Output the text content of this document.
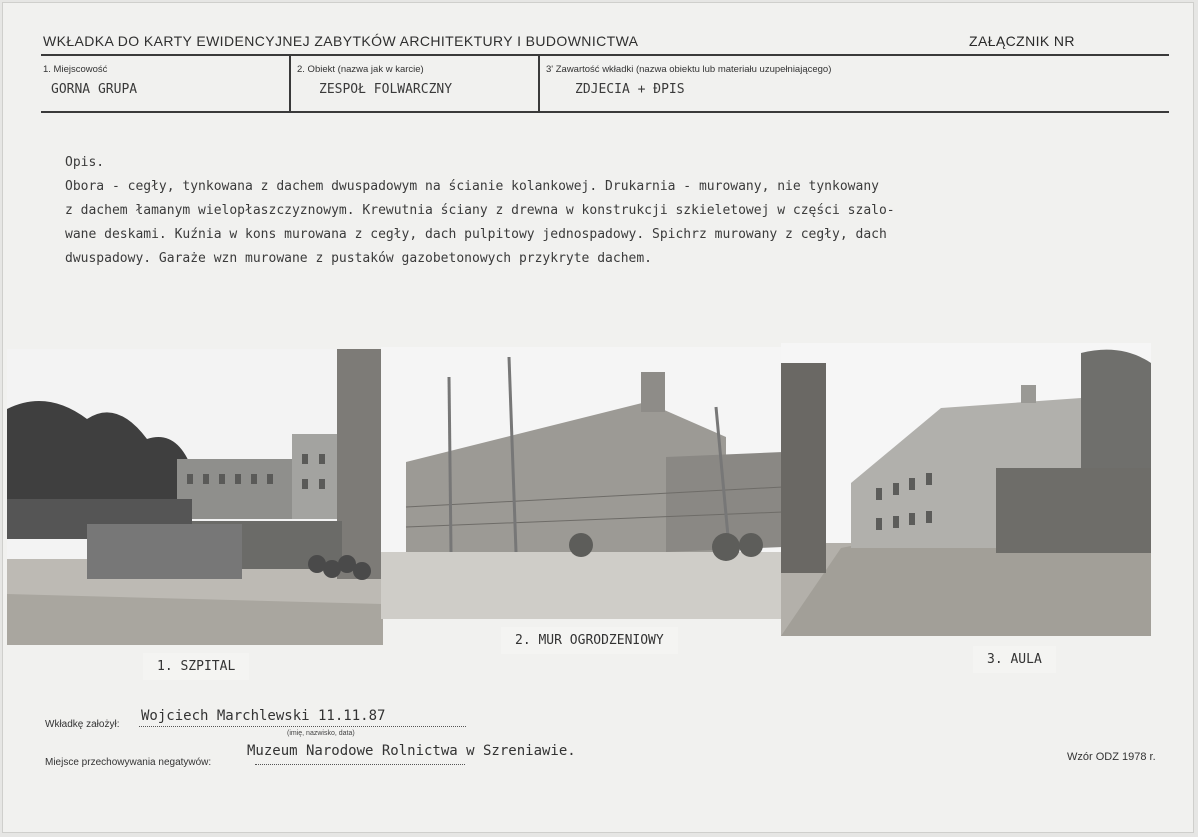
WKŁADKA DO KARTY EWIDENCYJNEJ ZABYTKÓW ARCHITEKTURY I BUDOWNICTWA	ZAŁĄCZNIK NR
1. Miejscowość
GORNA GRUPA
2. Obiekt (nazwa jak w karcie)
ZESPOŁ FOLWARCZNY
3' Zawartość wkładki (nazwa obiektu lub materiału uzupełniającego)
ZDJECIA + ĐPIS
Opis.
Obora - cegły, tynkowana z dachem dwuspadowym na ścianie kolankowej. Drukarnia - murowany, nie tynkowany
z dachem łamanym wielopłaszczyznowym. Krewutnia ściany z drewna w konstrukcji szkieletowej w części szalo-
wane deskami. Kuźnia w kons murowana z cegły, dach pulpitowy jednospadowy. Spichrz murowany z cegły, dach
dwuspadowy. Garaże wzn murowane z pustaków gazobetonowych przykryte dachem.
1. SZPITAL
2. MUR OGRODZENIOWY
3. AULA
Wkładkę założył:
Wojciech Marchlewski 11.11.87
(imię, nazwisko, data)
Miejsce przechowywania negatywów:
Muzeum Narodowe Rolnictwa w Szreniawie.	Wzór ODZ 1978 r.
